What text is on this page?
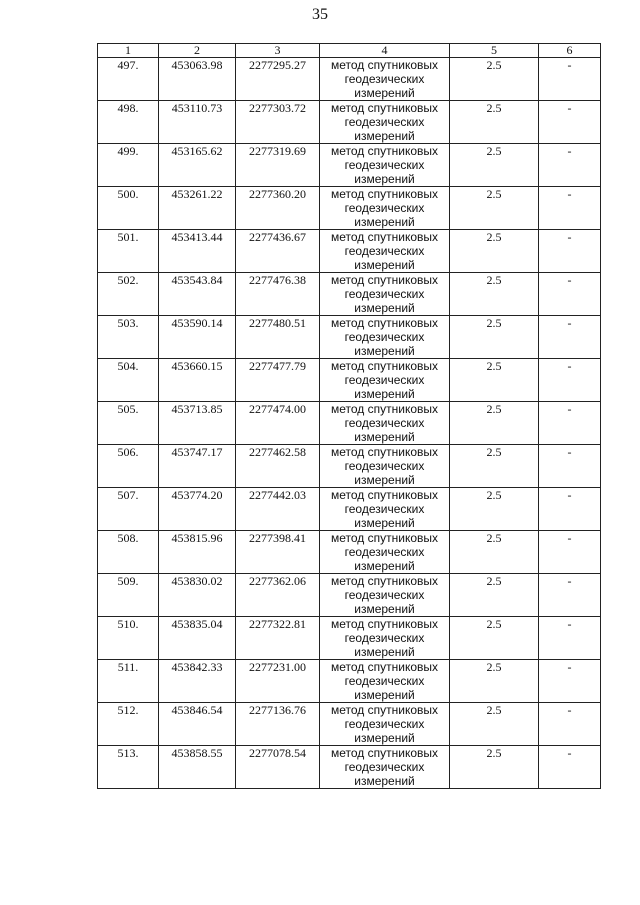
35
1	2	3	4	5	6
497.	453063.98	2277295.27	метод спутниковых геодезических измерений	2.5	-
498.	453110.73	2277303.72	метод спутниковых геодезических измерений	2.5	-
499.	453165.62	2277319.69	метод спутниковых геодезических измерений	2.5	-
500.	453261.22	2277360.20	метод спутниковых геодезических измерений	2.5	-
501.	453413.44	2277436.67	метод спутниковых геодезических измерений	2.5	-
502.	453543.84	2277476.38	метод спутниковых геодезических измерений	2.5	-
503.	453590.14	2277480.51	метод спутниковых геодезических измерений	2.5	-
504.	453660.15	2277477.79	метод спутниковых геодезических измерений	2.5	-
505.	453713.85	2277474.00	метод спутниковых геодезических измерений	2.5	-
506.	453747.17	2277462.58	метод спутниковых геодезических измерений	2.5	-
507.	453774.20	2277442.03	метод спутниковых геодезических измерений	2.5	-
508.	453815.96	2277398.41	метод спутниковых геодезических измерений	2.5	-
509.	453830.02	2277362.06	метод спутниковых геодезических измерений	2.5	-
510.	453835.04	2277322.81	метод спутниковых геодезических измерений	2.5	-
511.	453842.33	2277231.00	метод спутниковых геодезических измерений	2.5	-
512.	453846.54	2277136.76	метод спутниковых геодезических измерений	2.5	-
513.	453858.55	2277078.54	метод спутниковых геодезических измерений	2.5	-
